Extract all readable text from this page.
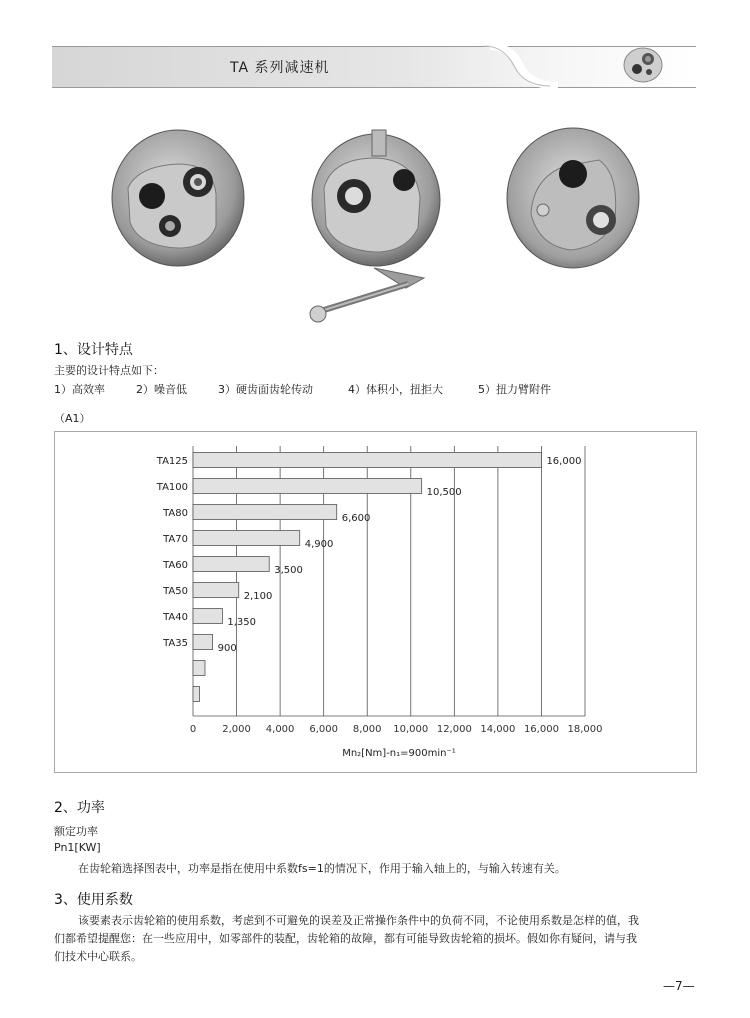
TA 系列减速机
1、设计特点
主要的设计特点如下：
1）高效率	2）噪音低	3）硬齿面齿轮传动	4）体积小，扭拒大	5）扭力臂附件
（A1）
0	2,000 4,000 6,000 8,000 10,000 12,000 14,000 16,000 18,000
TA125	16,000
TA100	10,500
TA80	6,600
TA70	4,900
TA60	3,500
TA50	2,100
TA40	1,350
TA35	900
Mn₂[Nm]-n₁=900min⁻¹
2、功率
额定功率
Pn1[KW]
在齿轮箱选择图表中，功率是指在使用中系数fs=1的情况下，作用于输入轴上的，与输入转速有关。
3、使用系数
该要素表示齿轮箱的使用系数，考虑到不可避免的误差及正常操作条件中的负荷不同，不论使用系数是怎样的值，我
们都希望提醒您：在一些应用中，如零部件的装配，齿轮箱的故障，都有可能导致齿轮箱的损坏。假如你有疑问，请与我
们技术中心联系。
—7—
